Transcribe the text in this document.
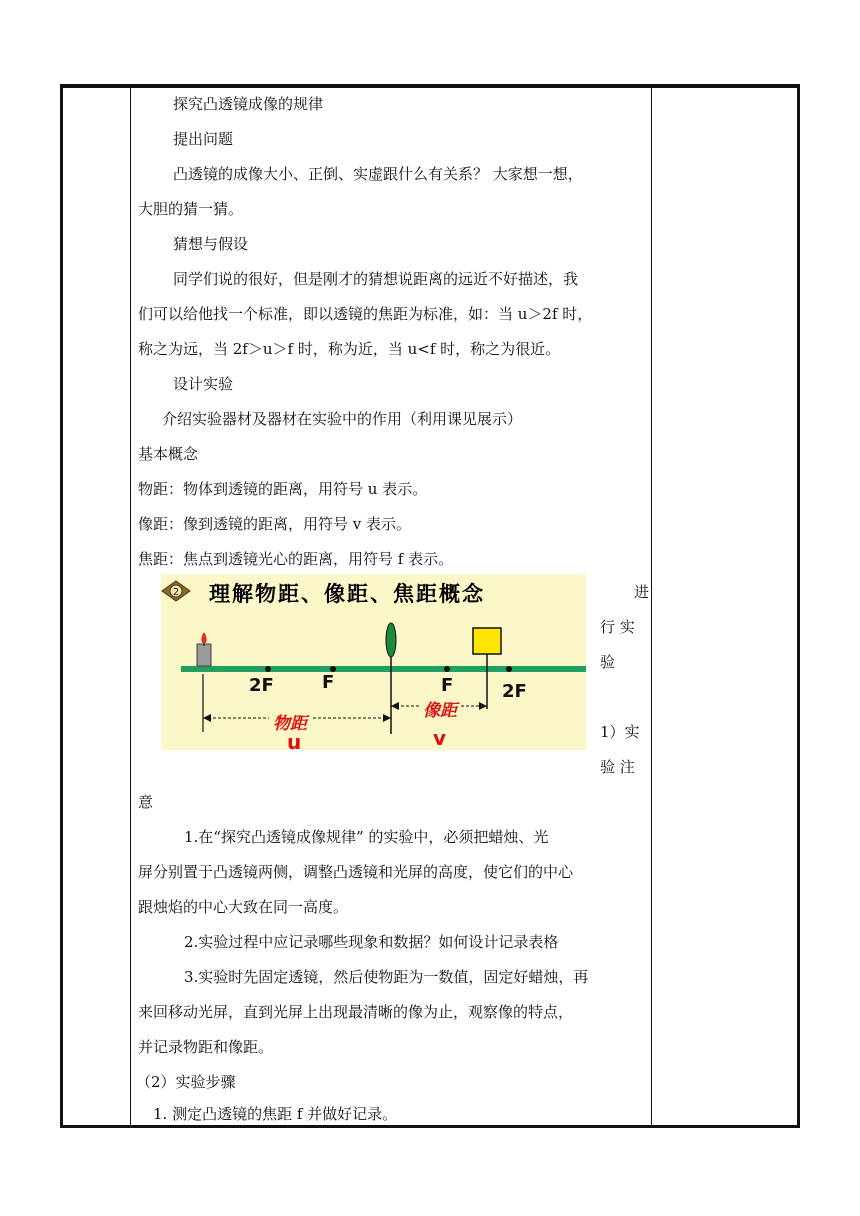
探究凸透镜成像的规律
提出问题
凸透镜的成像大小、正倒、实虚跟什么有关系？ 大家想一想，
大胆的猜一猜。
猜想与假设
同学们说的很好，但是刚才的猜想说距离的远近不好描述，我
们可以给他找一个标准，即以透镜的焦距为标准，如：当 u＞2f 时，
称之为远，当 2f＞u＞f 时，称为近，当 u<f 时，称之为很近。
设计实验
介绍实验器材及器材在实验中的作用（利用课见展示）
基本概念
物距：物体到透镜的距离，用符号 u 表示。
像距：像到透镜的距离，用符号 v 表示。
焦距：焦点到透镜光心的距离，用符号 f 表示。
2 理解物距、像距、焦距概念
2F	F	F	2F
物距
u
像距
v
进
行 实
验
1）实
验 注
意
1.在“探究凸透镜成像规律” 的实验中，必须把蜡烛、光
屏分别置于凸透镜两侧，调整凸透镜和光屏的高度，使它们的中心
跟烛焰的中心大致在同一高度。
2.实验过程中应记录哪些现象和数据？如何设计记录表格
3.实验时先固定透镜，然后使物距为一数值，固定好蜡烛，再
来回移动光屏，直到光屏上出现最清晰的像为止，观察像的特点，
并记录物距和像距。
（2）实验步骤
1. 测定凸透镜的焦距 f 并做好记录。
